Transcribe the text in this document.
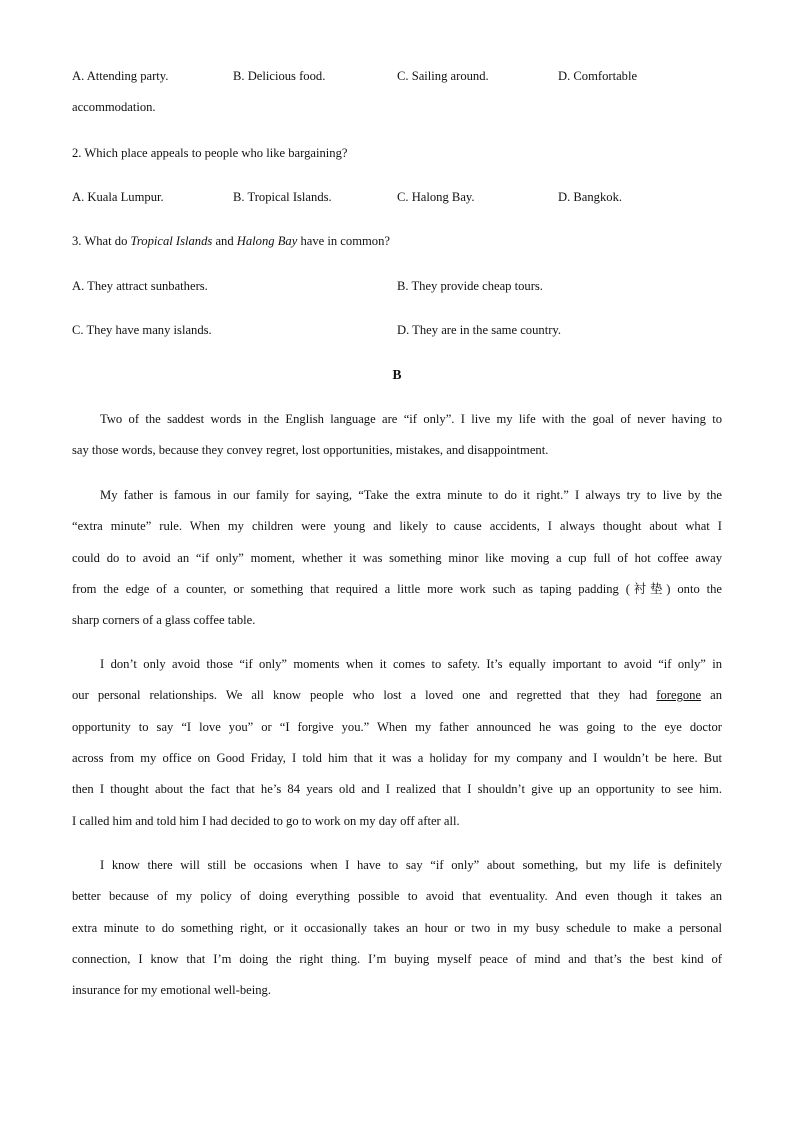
A. Attending party.	B. Delicious food.	C. Sailing around.	D. Comfortable
accommodation.
2. Which place appeals to people who like bargaining?
A. Kuala Lumpur.	B. Tropical Islands.	C. Halong Bay.	D. Bangkok.
3. What do Tropical Islands and Halong Bay have in common?
A. They attract sunbathers.	B. They provide cheap tours.
C. They have many islands.	D. They are in the same country.
B
Two of the saddest words in the English language are “if only”. I live my life with the goal of never having to
say those words, because they convey regret, lost opportunities, mistakes, and disappointment.
My father is famous in our family for saying, “Take the extra minute to do it right.” I always try to live by the
“extra minute” rule. When my children were young and likely to cause accidents, I always thought about what I
could do to avoid an “if only” moment, whether it was something minor like moving a cup full of hot coffee away
from the edge of a counter, or something that required a little more work such as taping padding (衬垫) onto the
sharp corners of a glass coffee table.
I don’t only avoid those “if only” moments when it comes to safety. It’s equally important to avoid “if only” in
our personal relationships. We all know people who lost a loved one and regretted that they had foregone an
opportunity to say “I love you” or “I forgive you.” When my father announced he was going to the eye doctor
across from my office on Good Friday, I told him that it was a holiday for my company and I wouldn’t be here. But
then I thought about the fact that he’s 84 years old and I realized that I shouldn’t give up an opportunity to see him.
I called him and told him I had decided to go to work on my day off after all.
I know there will still be occasions when I have to say “if only” about something, but my life is definitely
better because of my policy of doing everything possible to avoid that eventuality. And even though it takes an
extra minute to do something right, or it occasionally takes an hour or two in my busy schedule to make a personal
connection, I know that I’m doing the right thing. I’m buying myself peace of mind and that’s the best kind of
insurance for my emotional well-being.
